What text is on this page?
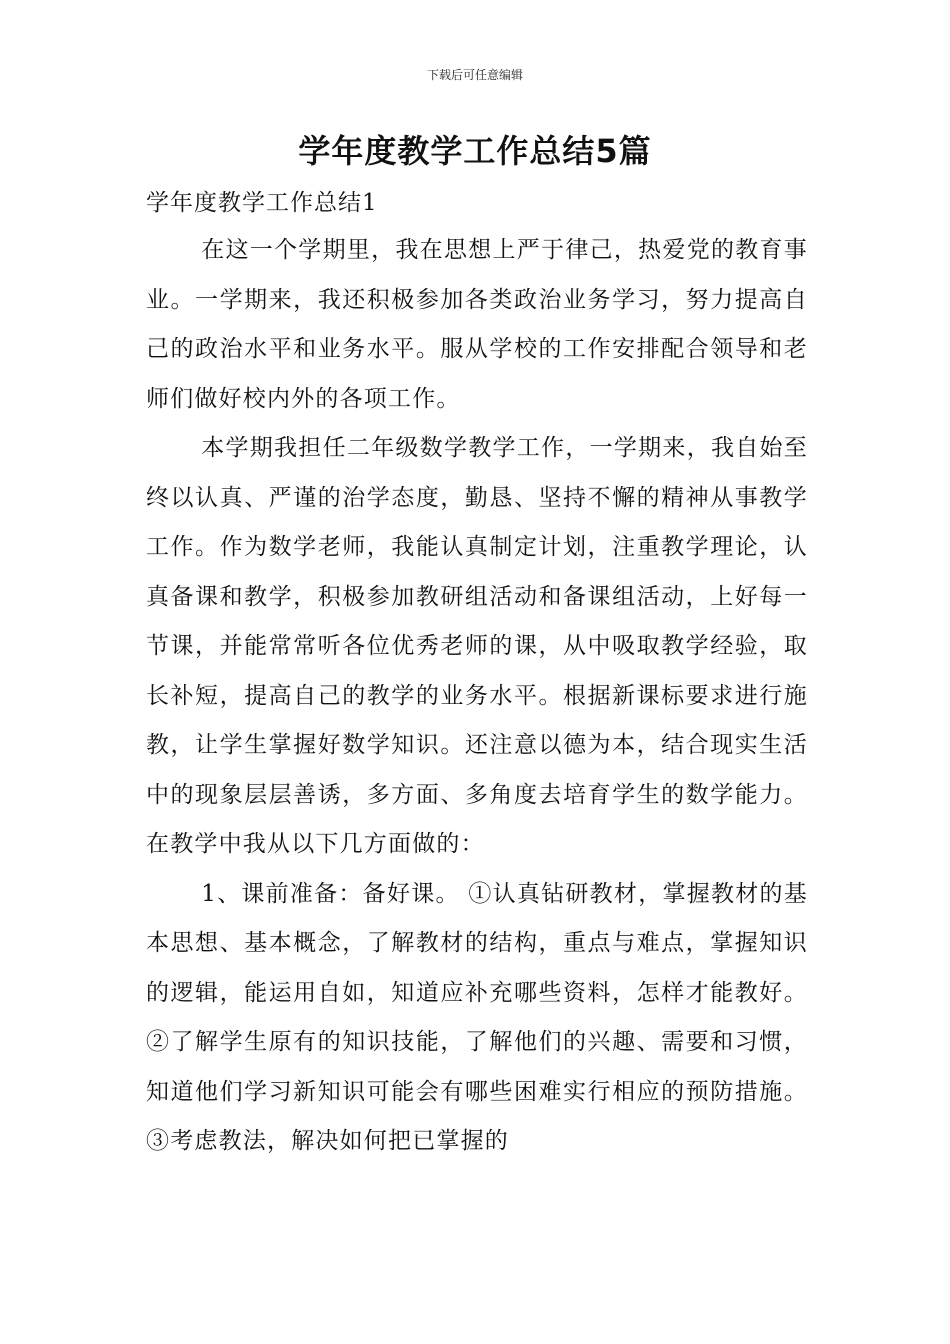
下载后可任意编辑
学年度教学工作总结5篇
学年度教学工作总结1

在这一个学期里，我在思想上严于律己，热爱党的教育事业。一学期来，我还积极参加各类政治业务学习，努力提高自己的政治水平和业务水平。服从学校的工作安排配合领导和老师们做好校内外的各项工作。

本学期我担任二年级数学教学工作，一学期来，我自始至终以认真、严谨的治学态度，勤恳、坚持不懈的精神从事教学工作。作为数学老师，我能认真制定计划，注重教学理论，认真备课和教学，积极参加教研组活动和备课组活动，上好每一节课，并能常常听各位优秀老师的课，从中吸取教学经验，取长补短，提高自己的教学的业务水平。根据新课标要求进行施教，让学生掌握好数学知识。还注意以德为本，结合现实生活中的现象层层善诱，多方面、多角度去培育学生的数学能力。在教学中我从以下几方面做的：

1、课前准备：备好课。 ①认真钻研教材，掌握教材的基本思想、基本概念，了解教材的结构，重点与难点，掌握知识的逻辑，能运用自如，知道应补充哪些资料，怎样才能教好。 ②了解学生原有的知识技能，了解他们的兴趣、需要和习惯，知道他们学习新知识可能会有哪些困难实行相应的预防措施。 ③考虑教法，解决如何把已掌握的
